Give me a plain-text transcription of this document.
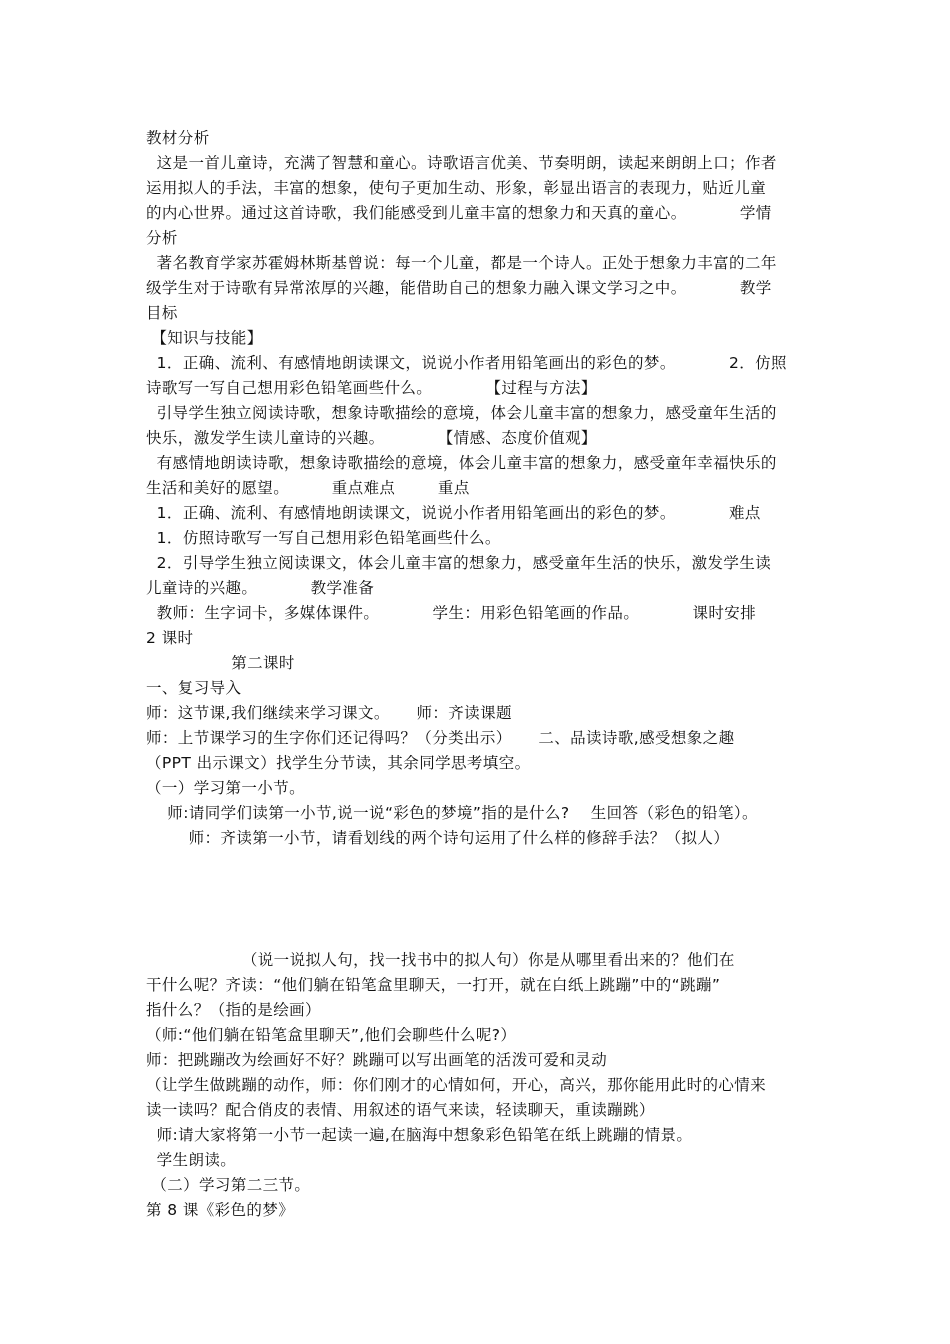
教材分析
这是一首儿童诗，充满了智慧和童心。诗歌语言优美、节奏明朗，读起来朗朗上口；作者
运用拟人的手法，丰富的想象，使句子更加生动、形象，彰显出语言的表现力，贴近儿童
的内心世界。通过这首诗歌，我们能感受到儿童丰富的想象力和天真的童心。          学情
分析
著名教育学家苏霍姆林斯基曾说：每一个儿童，都是一个诗人。正处于想象力丰富的二年
级学生对于诗歌有异常浓厚的兴趣，能借助自己的想象力融入课文学习之中。          教学
目标
【知识与技能】
1．正确、流利、有感情地朗读课文，说说小作者用铅笔画出的彩色的梦。          2．仿照
诗歌写一写自己想用彩色铅笔画些什么。          【过程与方法】
引导学生独立阅读诗歌，想象诗歌描绘的意境，体会儿童丰富的想象力，感受童年生活的
快乐，激发学生读儿童诗的兴趣。          【情感、态度价值观】
有感情地朗读诗歌，想象诗歌描绘的意境，体会儿童丰富的想象力，感受童年幸福快乐的
生活和美好的愿望。        重点难点        重点
1．正确、流利、有感情地朗读课文，说说小作者用铅笔画出的彩色的梦。          难点
1．仿照诗歌写一写自己想用彩色铅笔画些什么。
2．引导学生独立阅读课文，体会儿童丰富的想象力，感受童年生活的快乐，激发学生读
儿童诗的兴趣。          教学准备
教师：生字词卡，多媒体课件。          学生：用彩色铅笔画的作品。          课时安排
2 课时
第二课时
一、复习导入
师：这节课,我们继续来学习课文。     师：齐读课题
师：上节课学习的生字你们还记得吗？（分类出示）     二、品读诗歌,感受想象之趣
（PPT 出示课文）找学生分节读，其余同学思考填空。
（一）学习第一小节。
师:请同学们读第一小节,说一说“彩色的梦境”指的是什么?    生回答（彩色的铅笔）。
师：齐读第一小节，请看划线的两个诗句运用了什么样的修辞手法？（拟人）
（说一说拟人句，找一找书中的拟人句）你是从哪里看出来的？他们在
干什么呢？齐读：“他们躺在铅笔盒里聊天，一打开，就在白纸上跳蹦”中的“跳蹦”
指什么？（指的是绘画）
（师:“他们躺在铅笔盒里聊天”,他们会聊些什么呢?）
师：把跳蹦改为绘画好不好？跳蹦可以写出画笔的活泼可爱和灵动
（让学生做跳蹦的动作，师：你们刚才的心情如何，开心，高兴，那你能用此时的心情来
读一读吗？配合俏皮的表情、用叙述的语气来读，轻读聊天，重读蹦跳）
师:请大家将第一小节一起读一遍,在脑海中想象彩色铅笔在纸上跳蹦的情景。
学生朗读。
（二）学习第二三节。
第 8 课《彩色的梦》
